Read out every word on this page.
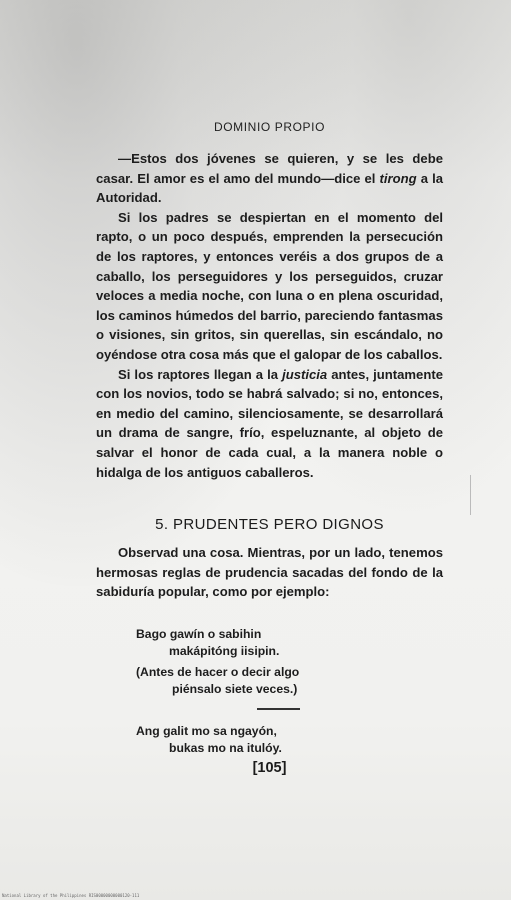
DOMINIO PROPIO

—Estos dos jóvenes se quieren, y se les debe casar. El amor es el amo del mundo—dice el tirong a la Autoridad.

Si los padres se despiertan en el momento del rapto, o un poco después, emprenden la persecución de los raptores, y entonces veréis a dos grupos de a caballo, los perseguidores y los perseguidos, cruzar veloces a media noche, con luna o en plena oscuridad, los caminos húmedos del barrio, pareciendo fantasmas o visiones, sin gritos, sin querellas, sin escándalo, no oyéndose otra cosa más que el galopar de los caballos.

Si los raptores llegan a la justicia antes, juntamente con los novios, todo se habrá salvado; si no, entonces, en medio del camino, silenciosamente, se desarrollará un drama de sangre, frío, espeluznante, al objeto de salvar el honor de cada cual, a la manera noble o hidalga de los antiguos caballeros.

5. PRUDENTES PERO DIGNOS

Observad una cosa. Mientras, por un lado, tenemos hermosas reglas de prudencia sacadas del fondo de la sabiduría popular, como por ejemplo:

Bago gawín o sabihin
makápitóng iisipin.
(Antes de hacer o decir algo
piénsalo siete veces.)
Ang galit mo sa ngayón,
bukas mo na itulóy.
[105]
National Library of the Philippines RIS00000000000120-111
